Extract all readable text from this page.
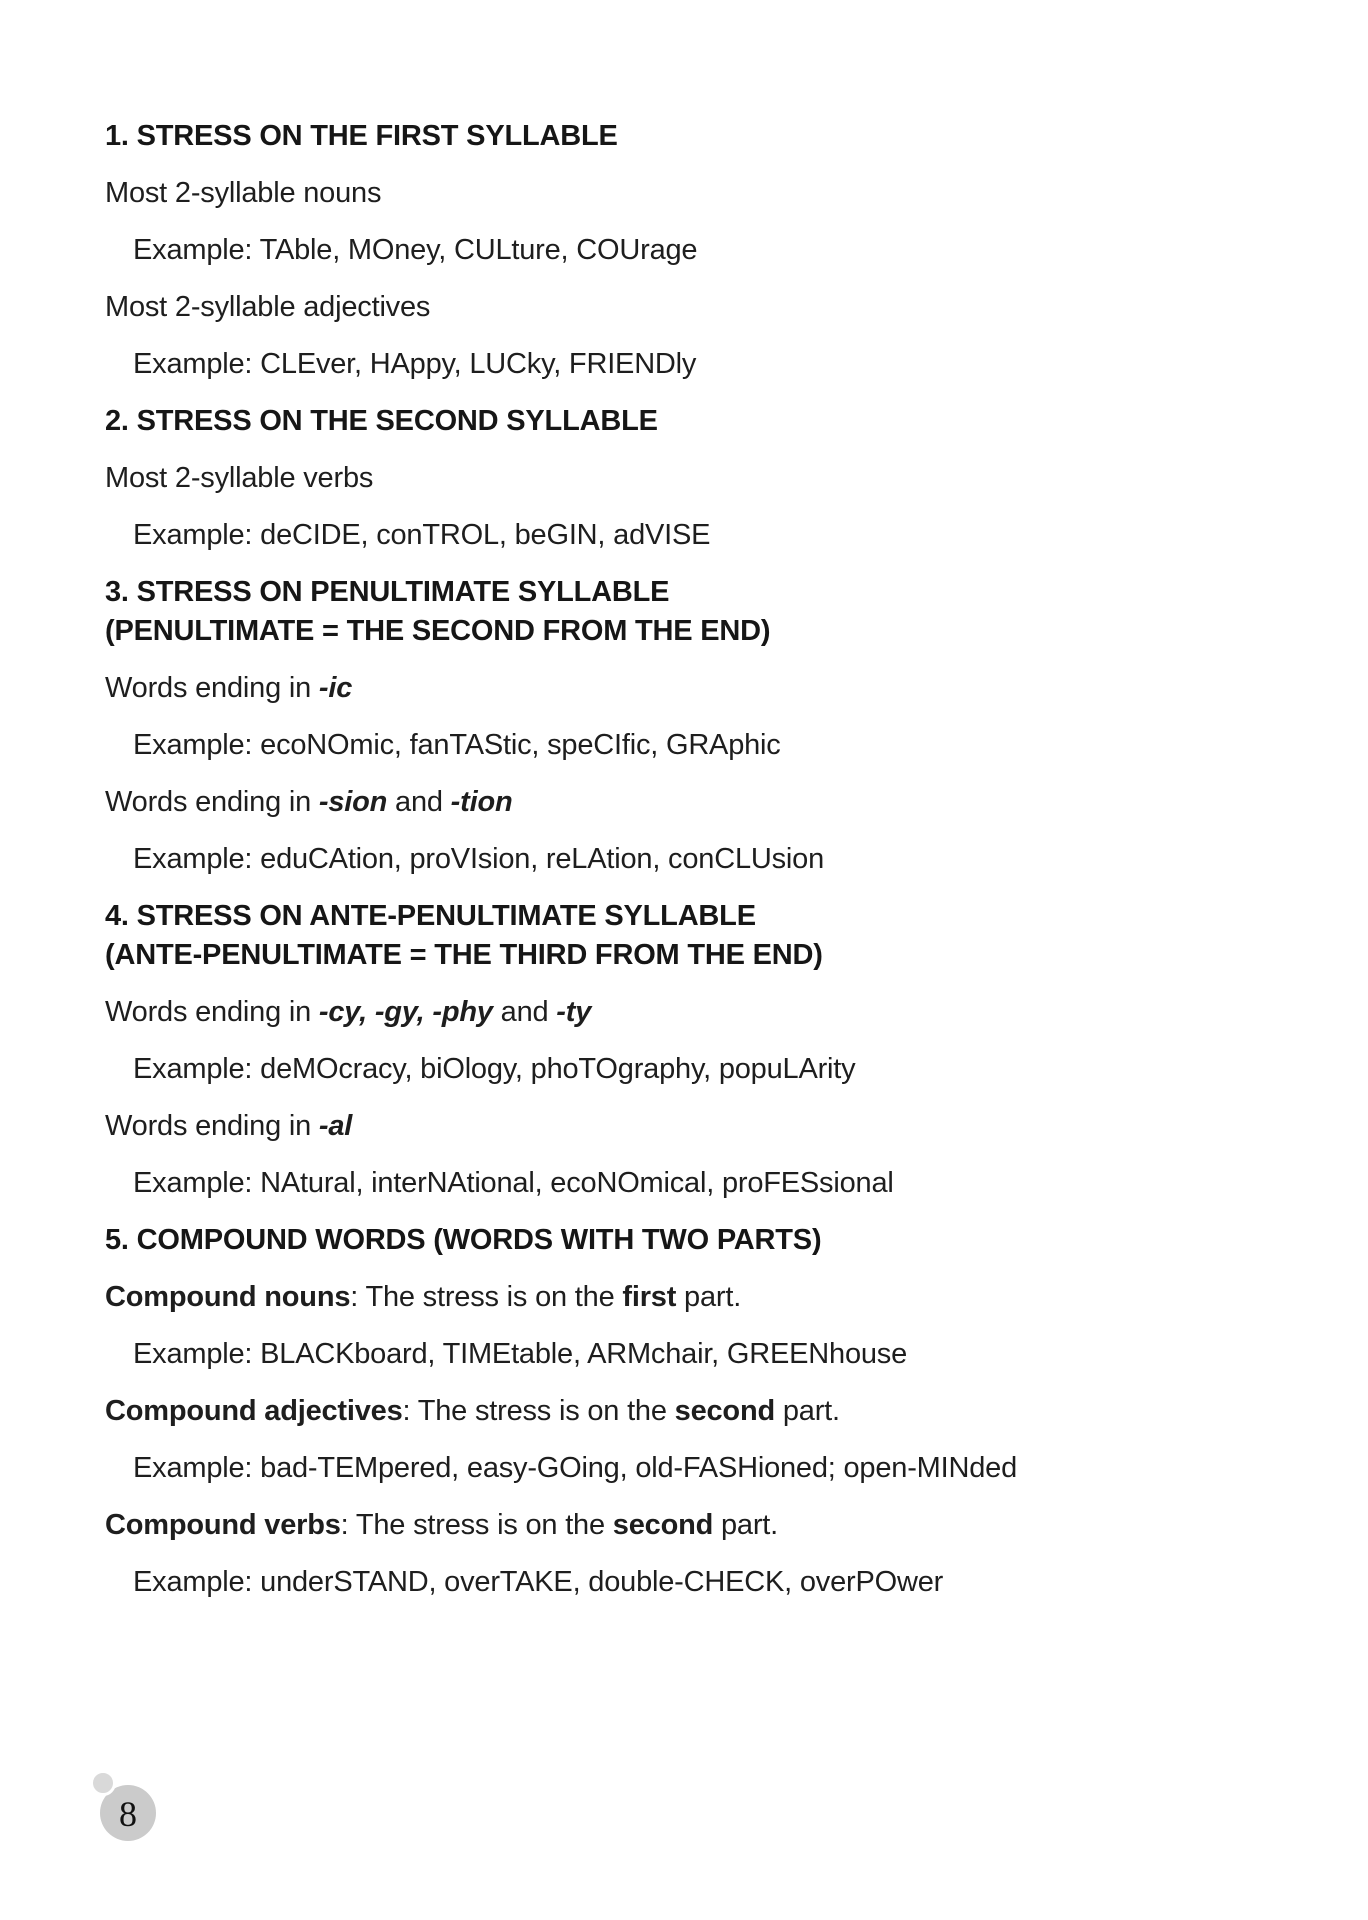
1. STRESS ON THE FIRST SYLLABLE
Most 2-syllable nouns
Example: TAble, MOney, CULture, COUrage
Most 2-syllable adjectives
Example: CLEver, HAppy, LUCky, FRIENDly
2. STRESS ON THE SECOND SYLLABLE
Most 2-syllable verbs
Example: deCIDE, conTROL, beGIN, adVISE
3. STRESS ON PENULTIMATE SYLLABLE
(PENULTIMATE = THE SECOND FROM THE END)
Words ending in -ic
Example: ecoNOmic, fanTAStic, speCIfic, GRAphic
Words ending in -sion and -tion
Example: eduCAtion, proVIsion, reLAtion, conCLUsion
4. STRESS ON ANTE-PENULTIMATE SYLLABLE
(ANTE-PENULTIMATE = THE THIRD FROM THE END)
Words ending in -cy, -gy, -phy and -ty
Example: deMOcracy, biOlogy, phoTOgraphy, popuLArity
Words ending in -al
Example: NAtural, interNAtional, ecoNOmical, proFESsional
5. COMPOUND WORDS (WORDS WITH TWO PARTS)
Compound nouns: The stress is on the first part.
Example: BLACKboard, TIMEtable, ARMchair, GREENhouse
Compound adjectives: The stress is on the second part.
Example: bad-TEMpered, easy-GOing, old-FASHioned; open-MINded
Compound verbs: The stress is on the second part.
Example: underSTAND, overTAKE, double-CHECK, overPOwer
8
